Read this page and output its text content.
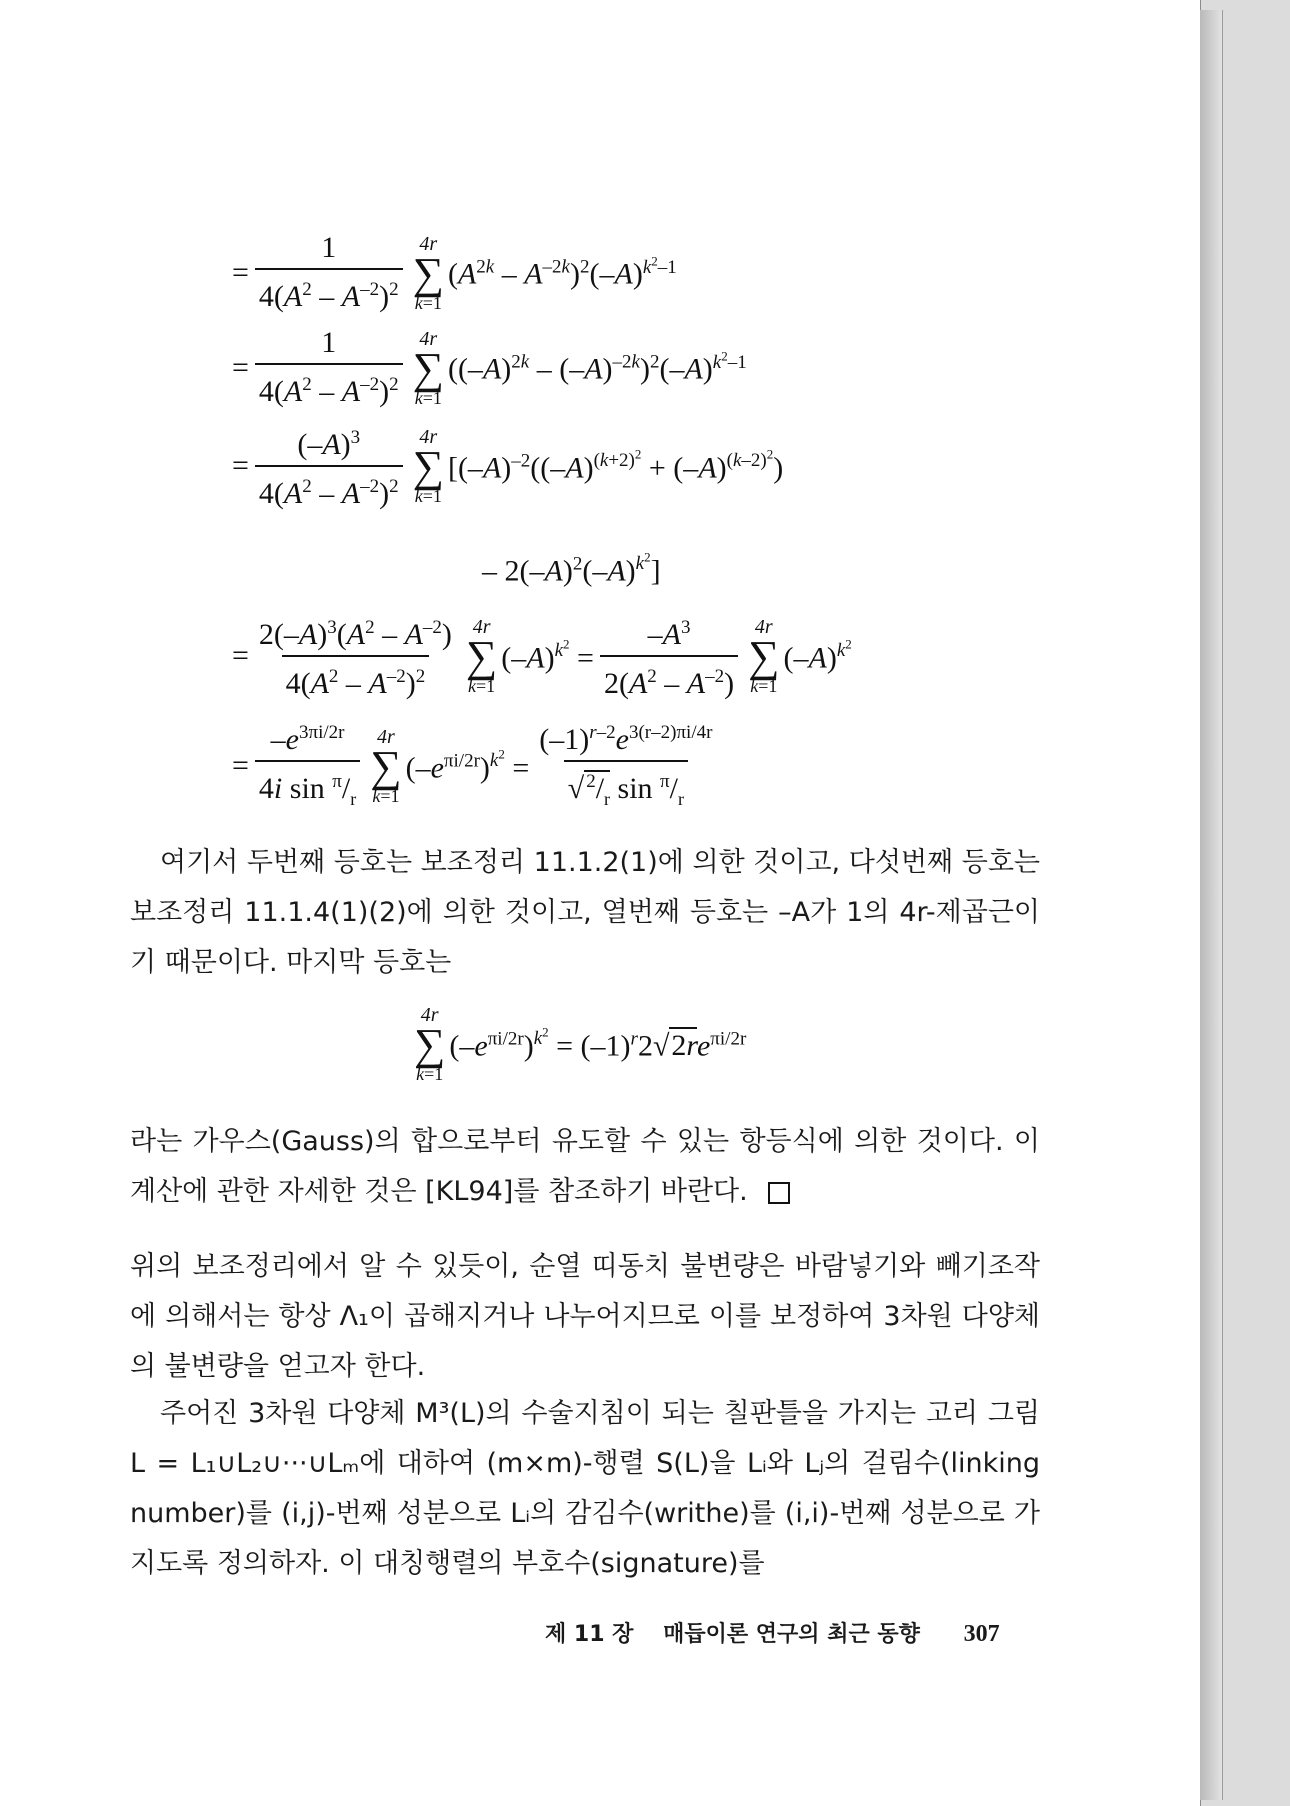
= $\frac{1}{4(A^2 - A^{-2})^2} 4r$
∑
k=1
$(A^{2k} - A^{-2k})^2(-A)^{k^2-1}$
= $\frac{1}{4(A^2 - A^{-2})^2} 4r$
∑
k=1
$((-A)^{2k} - (-A)^{-2k})^2(-A)^{k^2-1}$
= $\frac{(-A)^3}{4(A^2 - A^{-2})^2} 4r$
∑
k=1
[$(-A)^{-2}((-A)^{(k+2)^2} + (-A)^{(k-2)^2})$
– $2(-A)^2(-A)^{k^2}$]
= $\frac{2(-A)^3(A^2 - A^{-2})}{4(A^2 - A^{-2})^2} 4r$
∑
k=1
$(-A)^{k^2} = \frac{-A^3}{2(A^2 - A^{-2})} 4r$
∑
k=1
$(-A)^{k^2}$
= $\frac{-e^{3\pi i/2r}}{4i \sin ^\pi/_r} 4r$
∑
k=1
$(-e^{\pi i/2r})^{k^2} = \frac{(-1)^{r-2}e^{3(r-2)\pi i/4r}}{√ ^2/_r \sin ^\pi/_r}$

여기서 두번째 등호는 보조정리 11.1.2(1)에 의한 것이고, 다섯번째 등호는 보조정리 11.1.4(1)(2)에 의한 것이고, 열번째 등호는 –A가 1의 4r-제곱근이기 때문이다. 마지막 등호는

4r
∑
k=1
$(-e^{\pi i/2r})^{k^2} = (-1)^r2√2re^{\pi i/2r}$

라는 가우스(Gauss)의 합으로부터 유도할 수 있는 항등식에 의한 것이다. 이 계산에 관한 자세한 것은 [KL94]를 참조하기 바란다.

위의 보조정리에서 알 수 있듯이, 순열 띠동치 불변량은 바람넣기와 빼기조작에 의해서는 항상 Λ₁이 곱해지거나 나누어지므로 이를 보정하여 3차원 다양체의 불변량을 얻고자 한다.

주어진 3차원 다양체 M³(L)의 수술지침이 되는 칠판틀을 가지는 고리 그림 L = L₁∪L₂∪···∪Lₘ에 대하여 (m×m)-행렬 S(L)을 Lᵢ와 Lⱼ의 걸림수(linking number)를 (i,j)-번째 성분으로 Lᵢ의 감김수(writhe)를 (i,i)-번째 성분으로 가지도록 정의하자. 이 대칭행렬의 부호수(signature)를

제 11 장 매듭이론 연구의 최근 동향 307
